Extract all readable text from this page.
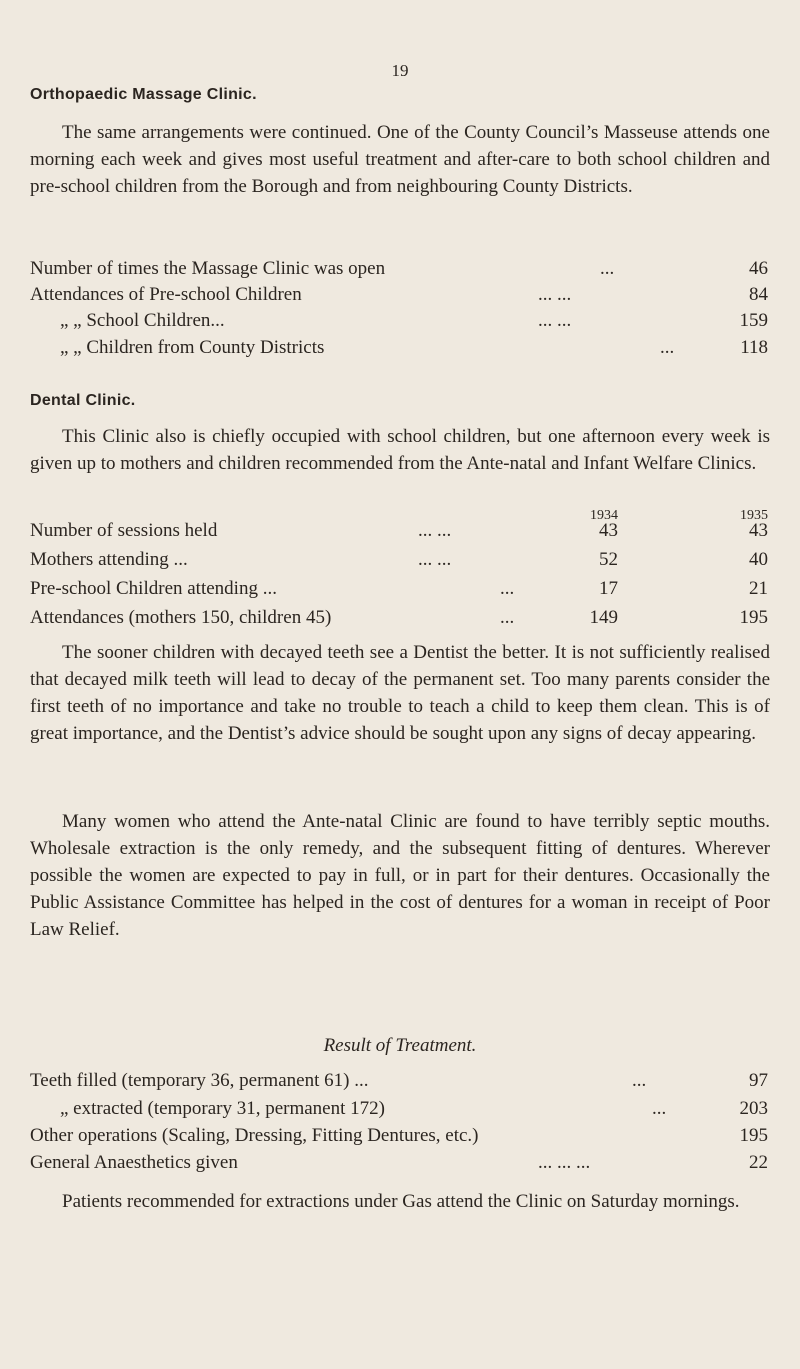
19
Orthopaedic Massage Clinic.

The same arrangements were continued. One of the County Council’s Masseuse attends one morning each week and gives most useful treatment and after-care to both school children and pre-school children from the Borough and from neighbouring County Districts.

Number of times the Massage Clinic was open	...	46
Attendances of Pre-school Children	... ...	84
„ „ School Children...	... ...	159
„ „ Children from County Districts	...	118
Dental Clinic.

This Clinic also is chiefly occupied with school children, but one afternoon every week is given up to mothers and children recommended from the Ante-natal and Infant Welfare Clinics.

1934	1935
Number of sessions held	... ...	43	43
Mothers attending ...	... ...	52	40
Pre-school Children attending ...	...	17	21
Attendances (mothers 150, children 45)	...	149	195

The sooner children with decayed teeth see a Dentist the better. It is not sufficiently realised that decayed milk teeth will lead to decay of the permanent set. Too many parents consider the first teeth of no importance and take no trouble to teach a child to keep them clean. This is of great importance, and the Dentist’s advice should be sought upon any signs of decay appearing.

Many women who attend the Ante-natal Clinic are found to have terribly septic mouths. Wholesale extraction is the only remedy, and the subsequent fitting of dentures. Wherever possible the women are expected to pay in full, or in part for their dentures. Occasionally the Public Assistance Committee has helped in the cost of dentures for a woman in receipt of Poor Law Relief.

Result of Treatment.
Teeth filled (temporary 36, permanent 61) ...	...	97
„ extracted (temporary 31, permanent 172)	...	203
Other operations (Scaling, Dressing, Fitting Dentures, etc.)	195
General Anaesthetics given	... ... ...	22

Patients recommended for extractions under Gas attend the Clinic on Saturday mornings.
